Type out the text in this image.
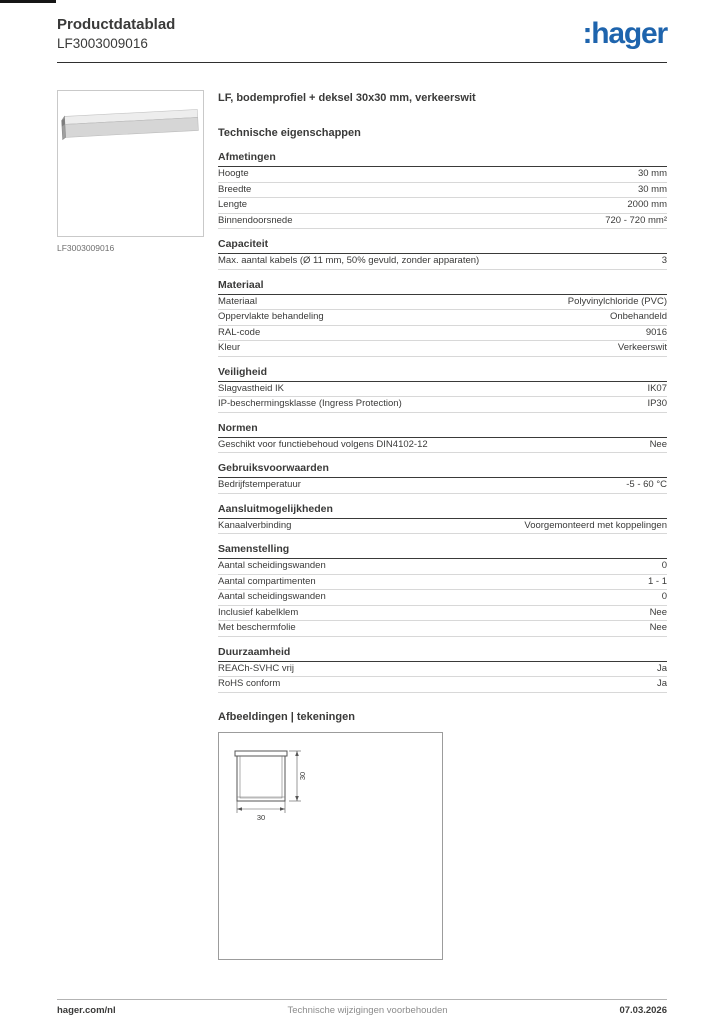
Productdatablad
LF3003009016	:hager
LF3003009016
LF, bodemprofiel + deksel 30x30 mm, verkeerswit
Technische eigenschappen
Afmetingen
Hoogte	30 mm
Breedte	30 mm
Lengte	2000 mm
Binnendoorsnede	720 - 720 mm²
Capaciteit
Max. aantal kabels (Ø 11 mm, 50% gevuld, zonder apparaten)	3
Materiaal
Materiaal	Polyvinylchloride (PVC)
Oppervlakte behandeling	Onbehandeld
RAL-code	9016
Kleur	Verkeerswit
Veiligheid
Slagvastheid IK	IK07
IP-beschermingsklasse (Ingress Protection)	IP30
Normen
Geschikt voor functiebehoud volgens DIN4102-12	Nee
Gebruiksvoorwaarden
Bedrijfstemperatuur	-5 - 60 °C
Aansluitmogelijkheden
Kanaalverbinding	Voorgemonteerd met koppelingen
Samenstelling
Aantal scheidingswanden	0
Aantal compartimenten	1 - 1
Aantal scheidingswanden	0
Inclusief kabelklem	Nee
Met beschermfolie	Nee
Duurzaamheid
REACh-SVHC vrij	Ja
RoHS conform	Ja
Afbeeldingen | tekeningen
30
30
hager.com/nl	Technische wijzigingen voorbehouden	07.03.2026
